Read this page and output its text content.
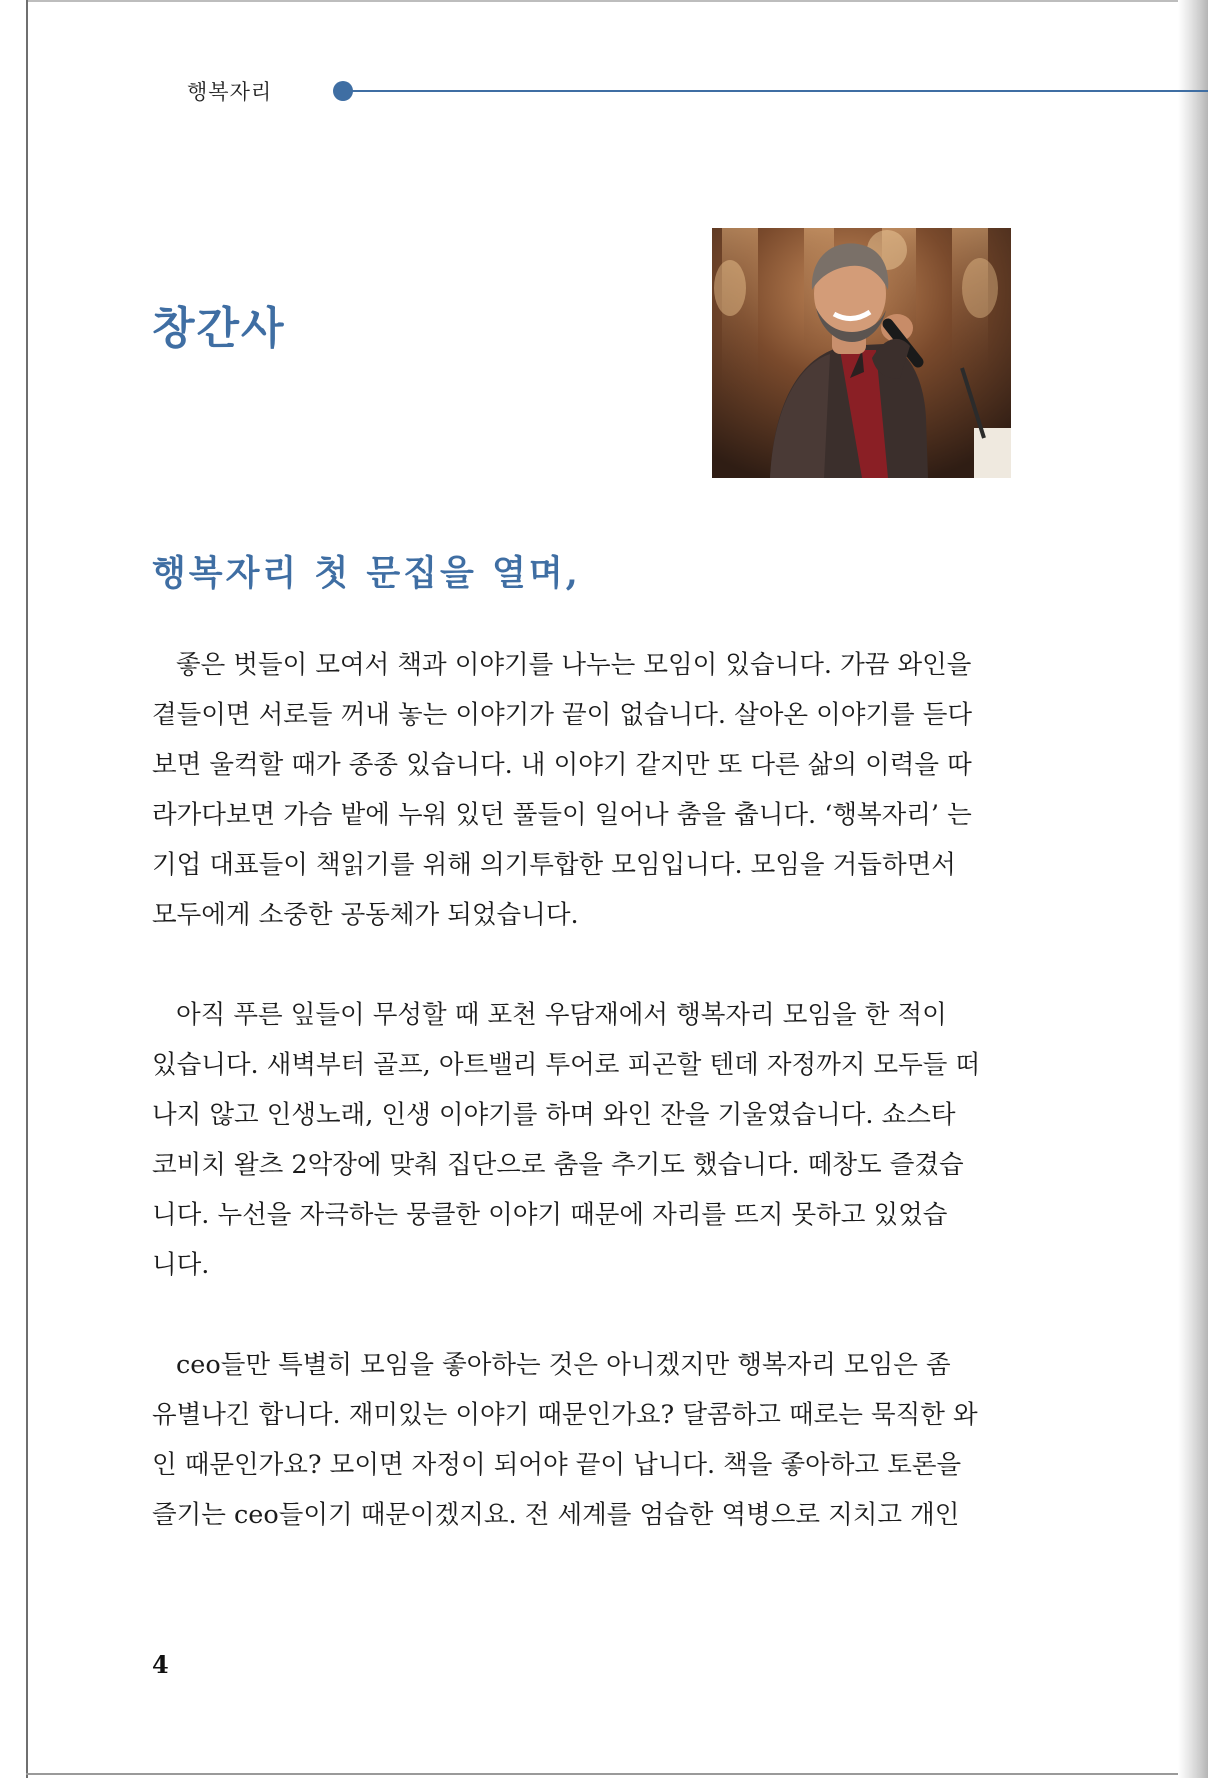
행복자리
창간사
행복자리 첫 문집을 열며,
좋은 벗들이 모여서 책과 이야기를 나누는 모임이 있습니다. 가끔 와인을
곁들이면 서로들 꺼내 놓는 이야기가 끝이 없습니다. 살아온 이야기를 듣다
보면 울컥할 때가 종종 있습니다. 내 이야기 같지만 또 다른 삶의 이력을 따
라가다보면 가슴 밭에 누워 있던 풀들이 일어나 춤을 춥니다. ‘행복자리’ 는
기업 대표들이 책읽기를 위해 의기투합한 모임입니다. 모임을 거듭하면서
모두에게 소중한 공동체가 되었습니다.
아직 푸른 잎들이 무성할 때 포천 우담재에서 행복자리 모임을 한 적이
있습니다. 새벽부터 골프, 아트밸리 투어로 피곤할 텐데 자정까지 모두들 떠
나지 않고 인생노래, 인생 이야기를 하며 와인 잔을 기울였습니다. 쇼스타
코비치 왈츠 2악장에 맞춰 집단으로 춤을 추기도 했습니다. 떼창도 즐겼습
니다. 누선을 자극하는 뭉클한 이야기 때문에 자리를 뜨지 못하고 있었습
니다.
ceo들만 특별히 모임을 좋아하는 것은 아니겠지만 행복자리 모임은 좀
유별나긴 합니다. 재미있는 이야기 때문인가요? 달콤하고 때로는 묵직한 와
인 때문인가요? 모이면 자정이 되어야 끝이 납니다. 책을 좋아하고 토론을
즐기는 ceo들이기 때문이겠지요. 전 세계를 엄습한 역병으로 지치고 개인
4
